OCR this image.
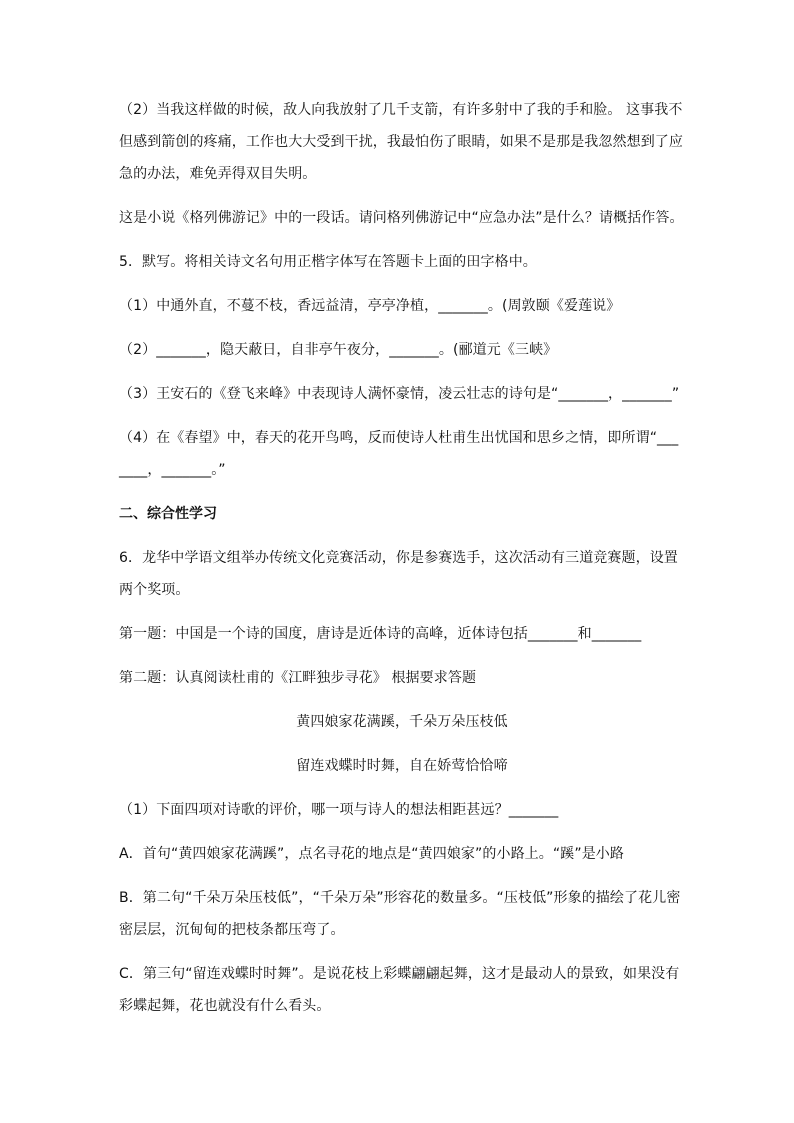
（2）当我这样做的时候，敌人向我放射了几千支箭，有许多射中了我的手和脸。 这事我不但感到箭创的疼痛，工作也大大受到干扰，我最怕伤了眼睛，如果不是那是我忽然想到了应急的办法，难免弄得双目失明。

这是小说《格列佛游记》中的一段话。请问格列佛游记中“应急办法”是什么？请概括作答。

5．默写。将相关诗文名句用正楷字体写在答题卡上面的田字格中。

（1）中通外直，不蔓不枝，香远益清，亭亭净植，_______。(周敦颐《爱莲说》

（2）_______，隐天蔽日，自非亭午夜分，_______。(郦道元《三峡》

（3）王安石的《登飞来峰》中表现诗人满怀豪情，凌云壮志的诗句是“_______，_______”

（4）在《春望》中，春天的花开鸟鸣，反而使诗人杜甫生出忧国和思乡之情，即所谓“_______，_______。”

二、综合性学习

6．龙华中学语文组举办传统文化竞赛活动，你是参赛选手，这次活动有三道竞赛题，设置两个奖项。

第一题：中国是一个诗的国度，唐诗是近体诗的高峰，近体诗包括_______和_______

第二题：认真阅读杜甫的《江畔独步寻花》 根据要求答题

黄四娘家花满蹊，千朵万朵压枝低

留连戏蝶时时舞，自在娇莺恰恰啼

（1）下面四项对诗歌的评价，哪一项与诗人的想法相距甚远？_______

A．首句“黄四娘家花满蹊”，点名寻花的地点是“黄四娘家”的小路上。“蹊”是小路

B．第二句“千朵万朵压枝低”，“千朵万朵”形容花的数量多。“压枝低”形象的描绘了花儿密密层层，沉甸甸的把枝条都压弯了。

C．第三句“留连戏蝶时时舞”。是说花枝上彩蝶翩翩起舞，这才是最动人的景致，如果没有彩蝶起舞，花也就没有什么看头。
